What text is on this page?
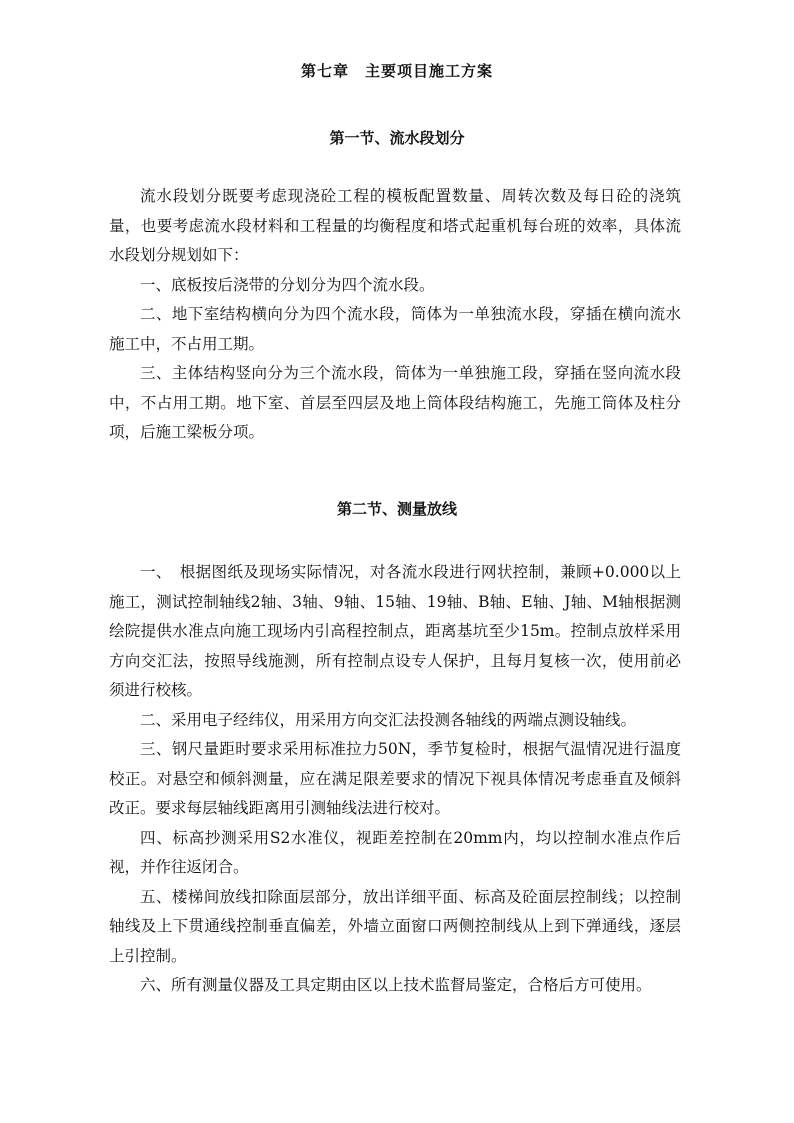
第七章　主要项目施工方案
第一节、流水段划分

流水段划分既要考虑现浇砼工程的模板配置数量、周转次数及每日砼的浇筑量，也要考虑流水段材料和工程量的均衡程度和塔式起重机每台班的效率，具体流水段划分规划如下：

一、底板按后浇带的分划分为四个流水段。

二、地下室结构横向分为四个流水段，筒体为一单独流水段，穿插在横向流水施工中，不占用工期。

三、主体结构竖向分为三个流水段，筒体为一单独施工段，穿插在竖向流水段中，不占用工期。地下室、首层至四层及地上筒体段结构施工，先施工筒体及柱分项，后施工梁板分项。

第二节、测量放线

一、　根据图纸及现场实际情况，对各流水段进行网状控制，兼顾+0.000以上施工，测试控制轴线2轴、3轴、9轴、15轴、19轴、B轴、E轴、J轴、M轴根据测绘院提供水准点向施工现场内引高程控制点，距离基坑至少15m。控制点放样采用方向交汇法，按照导线施测，所有控制点设专人保护，且每月复核一次，使用前必须进行校核。

二、采用电子经纬仪，用采用方向交汇法投测各轴线的两端点测设轴线。

三、钢尺量距时要求采用标准拉力50N，季节复检时，根据气温情况进行温度校正。对悬空和倾斜测量，应在满足限差要求的情况下视具体情况考虑垂直及倾斜改正。要求每层轴线距离用引测轴线法进行校对。

四、标高抄测采用S2水准仪，视距差控制在20mm内，均以控制水准点作后视，并作往返闭合。

五、楼梯间放线扣除面层部分，放出详细平面、标高及砼面层控制线；以控制轴线及上下贯通线控制垂直偏差，外墙立面窗口两侧控制线从上到下弹通线，逐层上引控制。

六、所有测量仪器及工具定期由区以上技术监督局鉴定，合格后方可使用。
